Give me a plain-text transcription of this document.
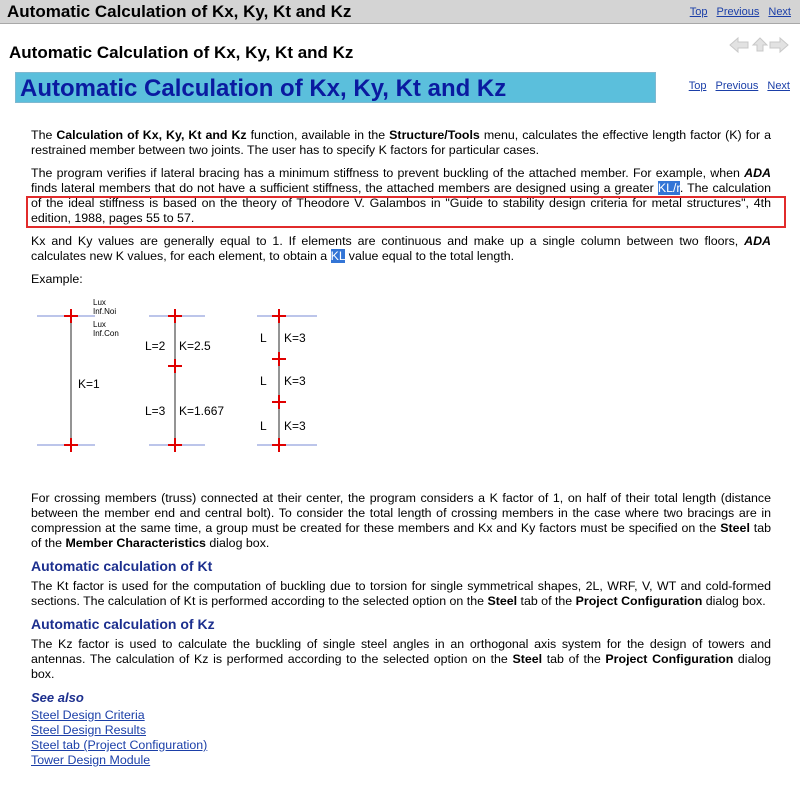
Automatic Calculation of Kx, Ky, Kt and Kz	Top Previous Next
Automatic Calculation of Kx, Ky, Kt and Kz
Automatic Calculation of Kx, Ky, Kt and Kz	Top Previous Next

The Calculation of Kx, Ky, Kt and Kz function, available in the Structure/Tools menu, calculates the effective length factor (K) for a restrained member between two joints. The user has to specify K factors for particular cases.

The program verifies if lateral bracing has a minimum stiffness to prevent buckling of the attached member. For example, when ADA finds lateral members that do not have a sufficient stiffness, the attached members are designed using a greater KL/r. The calculation of the ideal stiffness is based on the theory of Theodore V. Galambos in "Guide to stability design criteria for metal structures", 4th edition, 1988, pages 55 to 57.

Kx and Ky values are generally equal to 1. If elements are continuous and make up a single column between two floors, ADA calculates new K values, for each element, to obtain a KL value equal to the total length.

Example:

For crossing members (truss) connected at their center, the program considers a K factor of 1, on half of their total length (distance between the member end and central bolt). To consider the total length of crossing members in the case where two bracings are in compression at the same time, a group must be created for these members and Kx and Ky factors must be specified on the Steel tab of the Member Characteristics dialog box.

Automatic calculation of Kt

The Kt factor is used for the computation of buckling due to torsion for single symmetrical shapes, 2L, WRF, V, WT and cold-formed sections. The calculation of Kt is performed according to the selected option on the Steel tab of the Project Configuration dialog box.

Automatic calculation of Kz

The Kz factor is used to calculate the buckling of single steel angles in an orthogonal axis system for the design of towers and antennas. The calculation of Kz is performed according to the selected option on the Steel tab of the Project Configuration dialog box.

See also
Steel Design Criteria
Steel Design Results
Steel tab (Project Configuration)
Tower Design Module
Lux
Inf.Noi
Lux
Inf.Con
K=1
L=2 K=2.5
L=3 K=1.667
L K=3
L K=3
L K=3
